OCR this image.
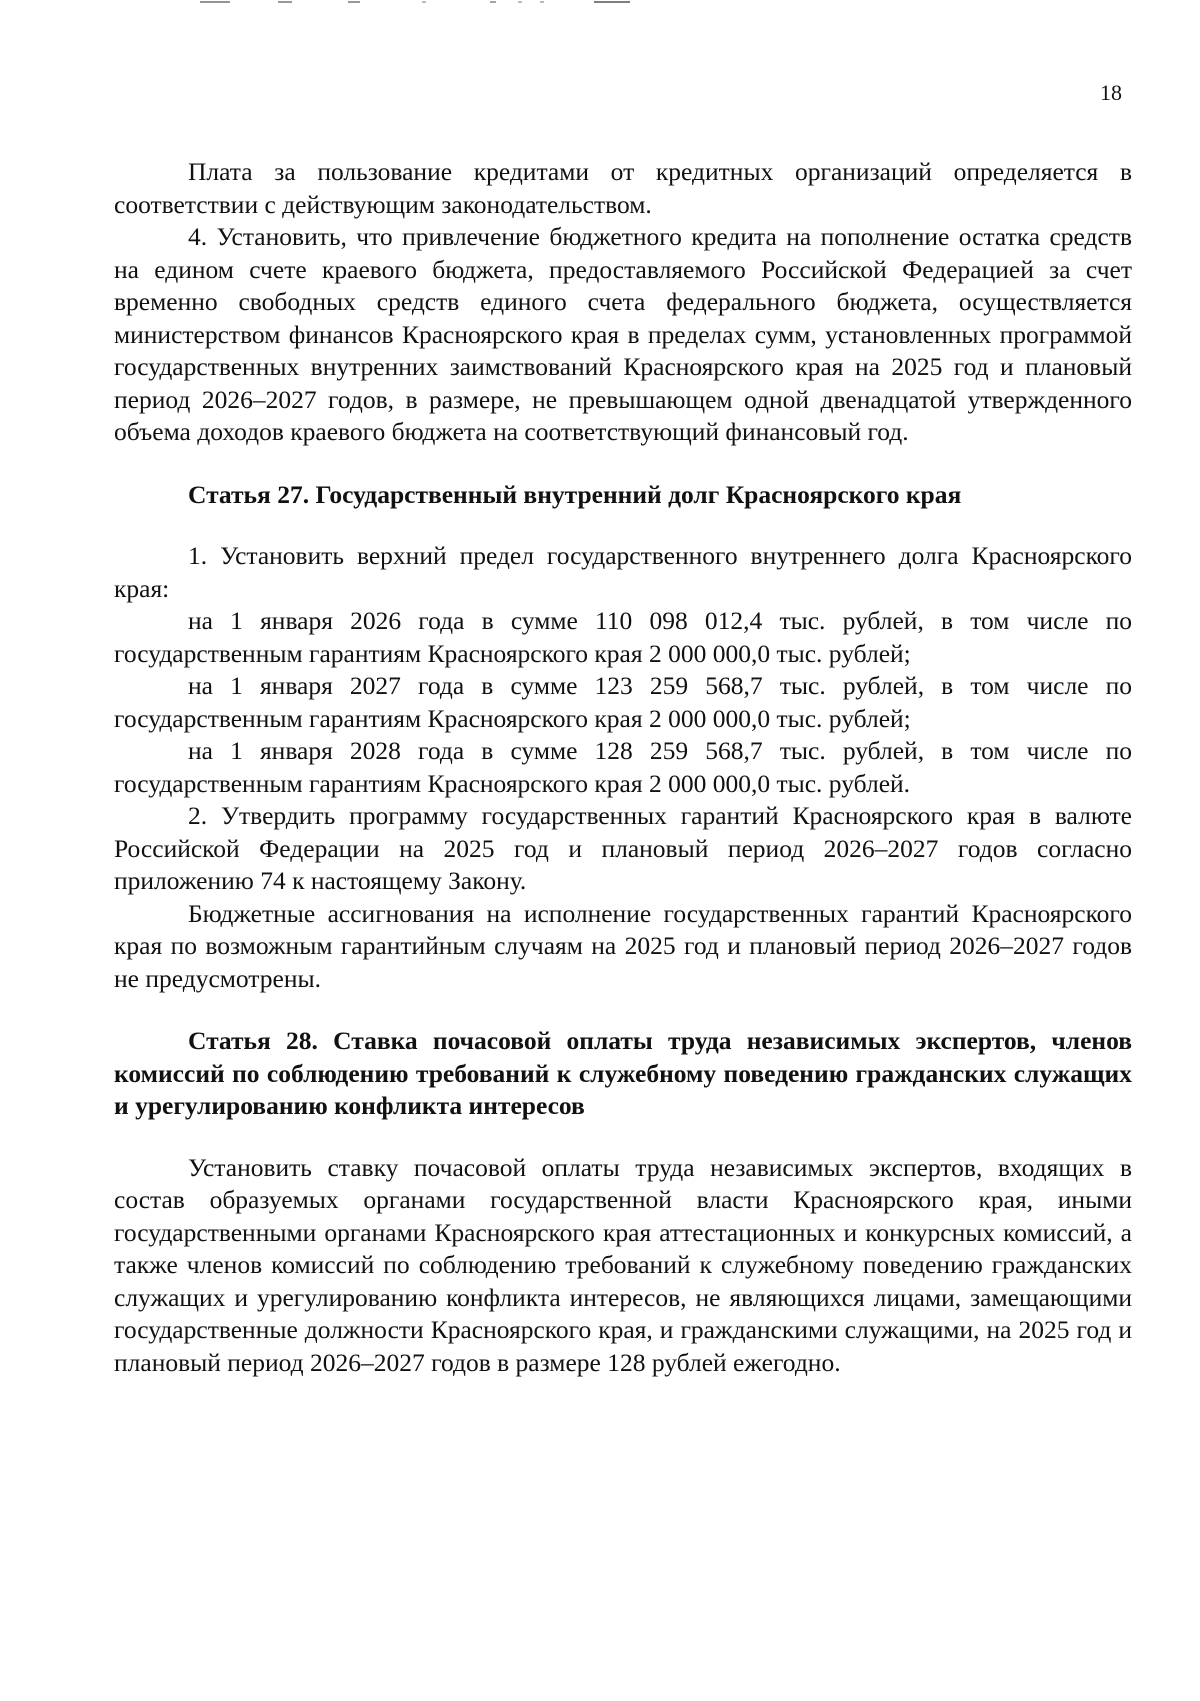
18

Плата за пользование кредитами от кредитных организаций определяется в соответствии с действующим законодательством.

4. Установить, что привлечение бюджетного кредита на пополнение остатка средств на едином счете краевого бюджета, предоставляемого Российской Федерацией за счет временно свободных средств единого счета федерального бюджета, осуществляется министерством финансов Красноярского края в пределах сумм, установленных программой государственных внутренних заимствований Красноярского края на 2025 год и плановый период 2026–2027 годов, в размере, не превышающем одной двенадцатой утвержденного объема доходов краевого бюджета на соответствующий финансовый год.

Статья 27. Государственный внутренний долг Красноярского края

1. Установить верхний предел государственного внутреннего долга Красноярского края:

на 1 января 2026 года в сумме 110 098 012,4 тыс. рублей, в том числе по государственным гарантиям Красноярского края 2 000 000,0 тыс. рублей;

на 1 января 2027 года в сумме 123 259 568,7 тыс. рублей, в том числе по государственным гарантиям Красноярского края 2 000 000,0 тыс. рублей;

на 1 января 2028 года в сумме 128 259 568,7 тыс. рублей, в том числе по государственным гарантиям Красноярского края 2 000 000,0 тыс. рублей.

2. Утвердить программу государственных гарантий Красноярского края в валюте Российской Федерации на 2025 год и плановый период 2026–2027 годов согласно приложению 74 к настоящему Закону.

Бюджетные ассигнования на исполнение государственных гарантий Красноярского края по возможным гарантийным случаям на 2025 год и плановый период 2026–2027 годов не предусмотрены.

Статья 28. Ставка почасовой оплаты труда независимых экспертов, членов комиссий по соблюдению требований к служебному поведению гражданских служащих и урегулированию конфликта интересов

Установить ставку почасовой оплаты труда независимых экспертов, входящих в состав образуемых органами государственной власти Красноярского края, иными государственными органами Красноярского края аттестационных и конкурсных комиссий, а также членов комиссий по соблюдению требований к служебному поведению гражданских служащих и урегулированию конфликта интересов, не являющихся лицами, замещающими государственные должности Красноярского края, и гражданскими служащими, на 2025 год и плановый период 2026–2027 годов в размере 128 рублей ежегодно.
